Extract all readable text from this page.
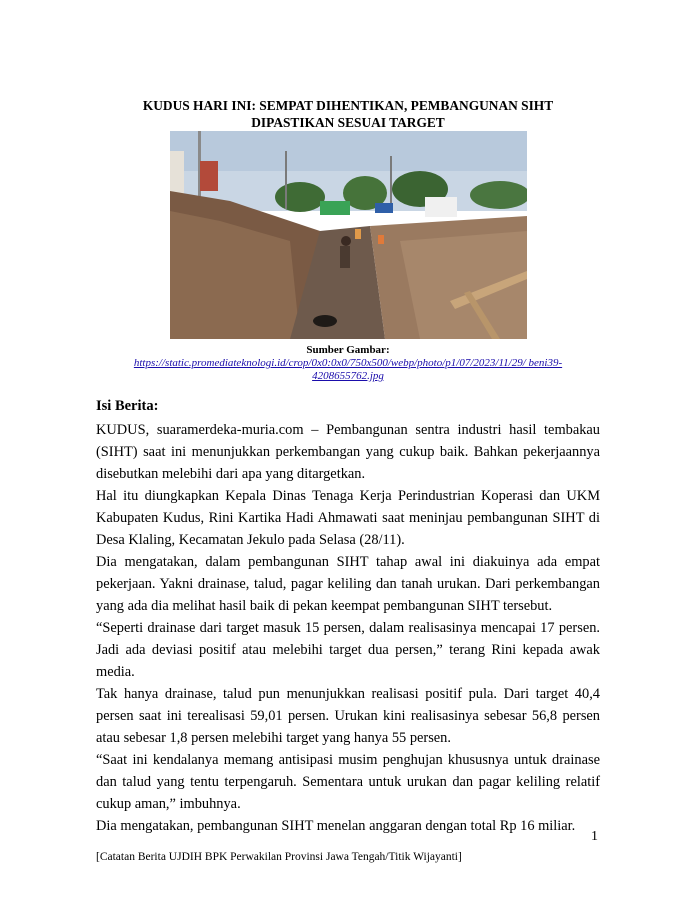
KUDUS HARI INI: SEMPAT DIHENTIKAN, PEMBANGUNAN SIHT
DIPASTIKAN SESUAI TARGET
Sumber Gambar:
https://static.promediateknologi.id/crop/0x0:0x0/750x500/webp/photo/p1/07/2023/11/29/ beni39-
4208655762.jpg
Isi Berita:

KUDUS, suaramerdeka-muria.com – Pembangunan sentra industri hasil tembakau (SIHT) saat ini menunjukkan perkembangan yang cukup baik. Bahkan pekerjaannya disebutkan melebihi dari apa yang ditargetkan.

Hal itu diungkapkan Kepala Dinas Tenaga Kerja Perindustrian Koperasi dan UKM Kabupaten Kudus, Rini Kartika Hadi Ahmawati saat meninjau pembangunan SIHT di Desa Klaling, Kecamatan Jekulo pada Selasa (28/11).

Dia mengatakan, dalam pembangunan SIHT tahap awal ini diakuinya ada empat pekerjaan. Yakni drainase, talud, pagar keliling dan tanah urukan. Dari perkembangan yang ada dia melihat hasil baik di pekan keempat pembangunan SIHT tersebut.

“Seperti drainase dari target masuk 15 persen, dalam realisasinya mencapai 17 persen. Jadi ada deviasi positif atau melebihi target dua persen,” terang Rini kepada awak media.

Tak hanya drainase, talud pun menunjukkan realisasi positif pula. Dari target 40,4 persen saat ini terealisasi 59,01 persen. Urukan kini realisasinya sebesar 56,8 persen atau sebesar 1,8 persen melebihi target yang hanya 55 persen.

“Saat ini kendalanya memang antisipasi musim penghujan khususnya untuk drainase dan talud yang tentu terpengaruh. Sementara untuk urukan dan pagar keliling relatif cukup aman,” imbuhnya.

Dia mengatakan, pembangunan SIHT menelan anggaran dengan total Rp 16 miliar.

1
[Catatan Berita UJDIH BPK Perwakilan Provinsi Jawa Tengah/Titik Wijayanti]
